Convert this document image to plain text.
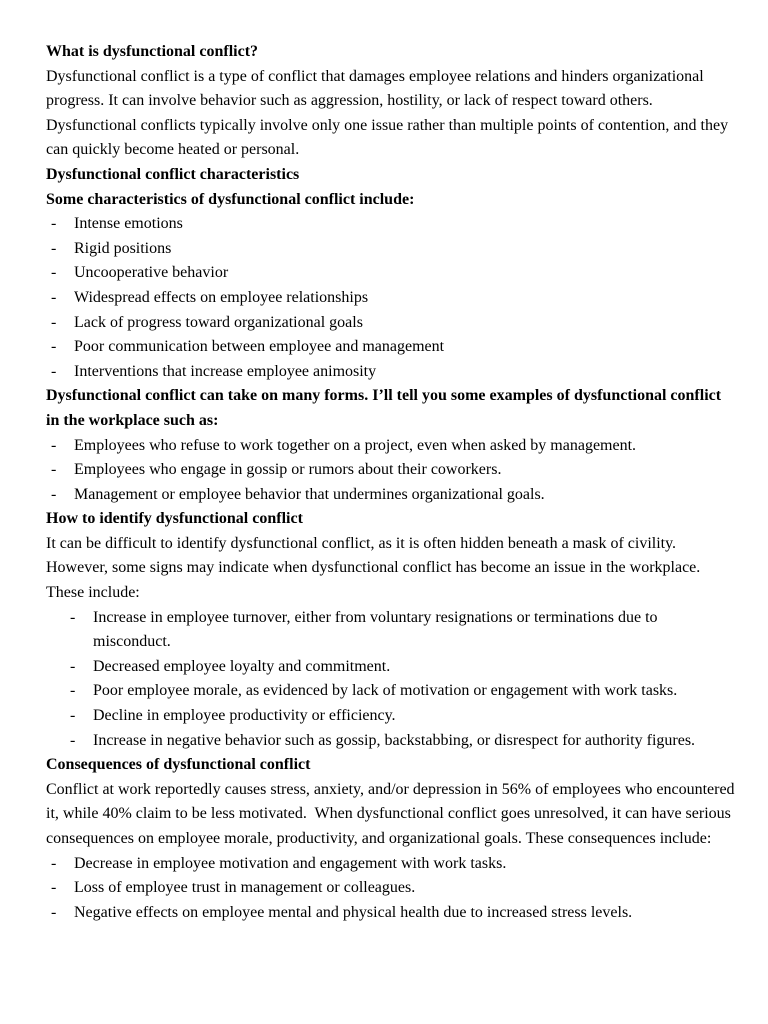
What is dysfunctional conflict?

Dysfunctional conflict is a type of conflict that damages employee relations and hinders organizational progress. It can involve behavior such as aggression, hostility, or lack of respect toward others. Dysfunctional conflicts typically involve only one issue rather than multiple points of contention, and they can quickly become heated or personal.

Dysfunctional conflict characteristics

Some characteristics of dysfunctional conflict include:

- Intense emotions
- Rigid positions
- Uncooperative behavior
- Widespread effects on employee relationships
- Lack of progress toward organizational goals
- Poor communication between employee and management
- Interventions that increase employee animosity

Dysfunctional conflict can take on many forms. I’ll tell you some examples of dysfunctional conflict in the workplace such as:

- Employees who refuse to work together on a project, even when asked by management.
- Employees who engage in gossip or rumors about their coworkers.
- Management or employee behavior that undermines organizational goals.

How to identify dysfunctional conflict

It can be difficult to identify dysfunctional conflict, as it is often hidden beneath a mask of civility. However, some signs may indicate when dysfunctional conflict has become an issue in the workplace. These include:

- Increase in employee turnover, either from voluntary resignations or terminations due to misconduct.
- Decreased employee loyalty and commitment.
- Poor employee morale, as evidenced by lack of motivation or engagement with work tasks.
- Decline in employee productivity or efficiency.
- Increase in negative behavior such as gossip, backstabbing, or disrespect for authority figures.

Consequences of dysfunctional conflict

Conflict at work reportedly causes stress, anxiety, and/or depression in 56% of employees who encountered it, while 40% claim to be less motivated.  When dysfunctional conflict goes unresolved, it can have serious consequences on employee morale, productivity, and organizational goals. These consequences include:

- Decrease in employee motivation and engagement with work tasks.
- Loss of employee trust in management or colleagues.
- Negative effects on employee mental and physical health due to increased stress levels.
